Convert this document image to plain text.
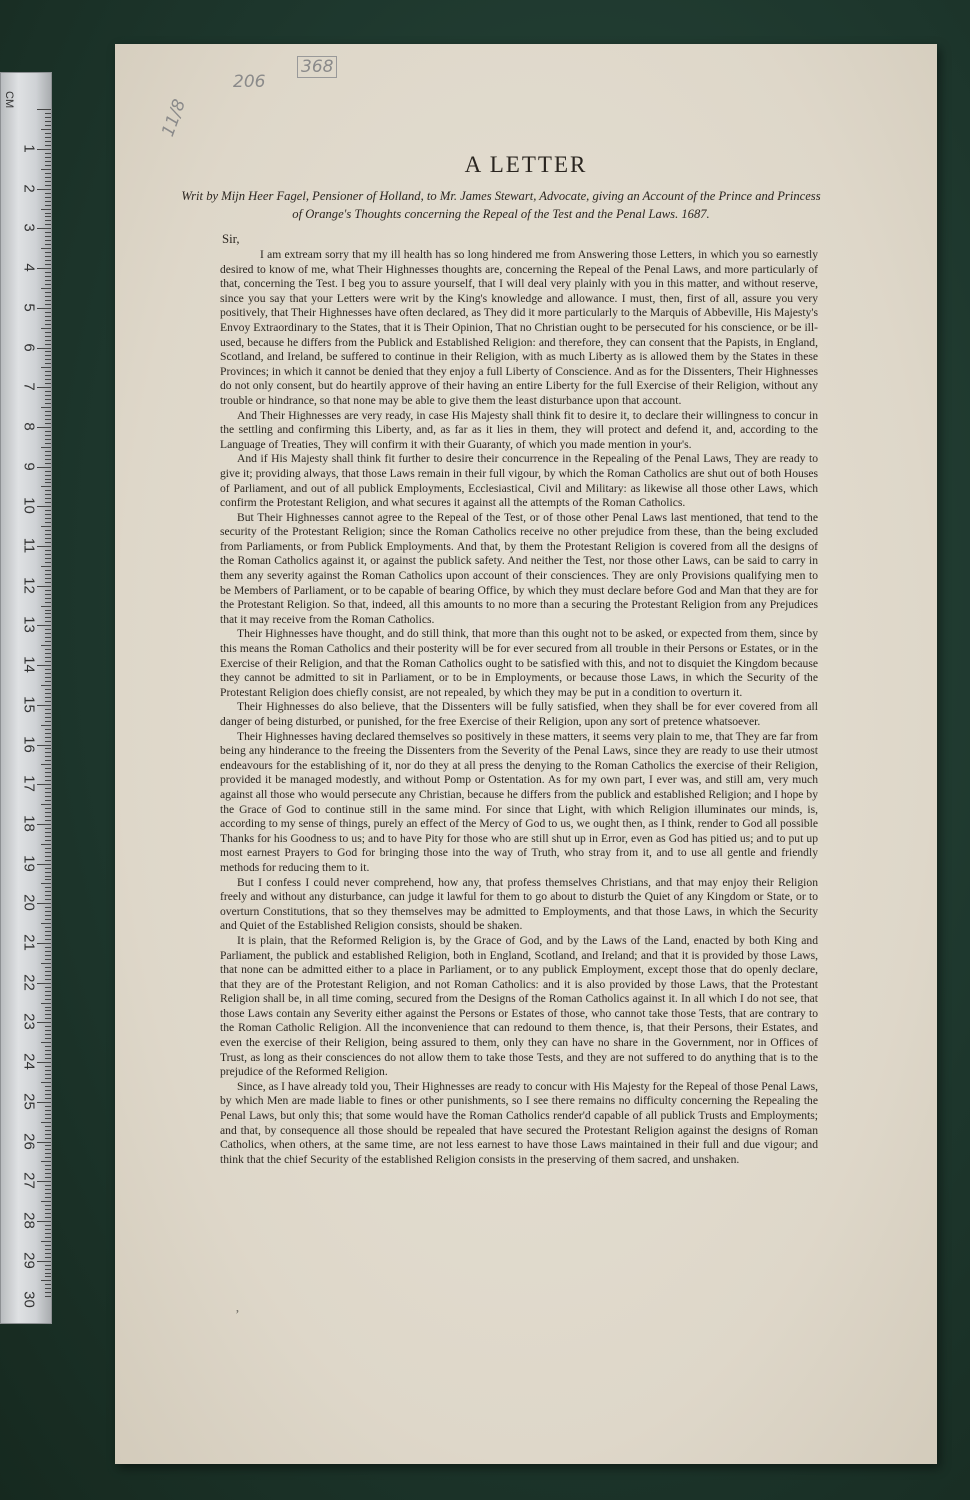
CM
1
2
3
4
5
6
7
8
9
10
11
12
13
14
15
16
17
18
19
20
21
22
23
24
25
26
27
28
29
30
206
368
11/8
A LETTER
Writ by Mijn Heer Fagel, Pensioner of Holland, to Mr. James Stewart, Advocate, giving an Account of the Prince and Princess of Orange's Thoughts concerning the Repeal of the Test and the Penal Laws. 1687.
Sir,

I am extream sorry that my ill health has so long hindered me from Answering those Letters, in which you so earnestly desired to know of me, what Their Highnesses thoughts are, concerning the Repeal of the Penal Laws, and more particularly of that, concerning the Test. I beg you to assure yourself, that I will deal very plainly with you in this matter, and without reserve, since you say that your Letters were writ by the King's knowledge and allowance. I must, then, first of all, assure you very positively, that Their Highnesses have often declared, as They did it more particularly to the Marquis of Abbeville, His Majesty's Envoy Extraordinary to the States, that it is Their Opinion, That no Christian ought to be persecuted for his conscience, or be ill-used, because he differs from the Publick and Established Religion: and therefore, they can consent that the Papists, in England, Scotland, and Ireland, be suffered to continue in their Religion, with as much Liberty as is allowed them by the States in these Provinces; in which it cannot be denied that they enjoy a full Liberty of Conscience. And as for the Dissenters, Their Highnesses do not only consent, but do heartily approve of their having an entire Liberty for the full Exercise of their Religion, without any trouble or hindrance, so that none may be able to give them the least disturbance upon that account.

And Their Highnesses are very ready, in case His Majesty shall think fit to desire it, to declare their willingness to concur in the settling and confirming this Liberty, and, as far as it lies in them, they will protect and defend it, and, according to the Language of Treaties, They will confirm it with their Guaranty, of which you made mention in your's.

And if His Majesty shall think fit further to desire their concurrence in the Repealing of the Penal Laws, They are ready to give it; providing always, that those Laws remain in their full vigour, by which the Roman Catholics are shut out of both Houses of Parliament, and out of all publick Employments, Ecclesiastical, Civil and Military: as likewise all those other Laws, which confirm the Protestant Religion, and what secures it against all the attempts of the Roman Catholics.

But Their Highnesses cannot agree to the Repeal of the Test, or of those other Penal Laws last mentioned, that tend to the security of the Protestant Religion; since the Roman Catholics receive no other prejudice from these, than the being excluded from Parliaments, or from Publick Employments. And that, by them the Protestant Religion is covered from all the designs of the Roman Catholics against it, or against the publick safety. And neither the Test, nor those other Laws, can be said to carry in them any severity against the Roman Catholics upon account of their consciences. They are only Provisions qualifying men to be Members of Parliament, or to be capable of bearing Office, by which they must declare before God and Man that they are for the Protestant Religion. So that, indeed, all this amounts to no more than a securing the Protestant Religion from any Prejudices that it may receive from the Roman Catholics.

Their Highnesses have thought, and do still think, that more than this ought not to be asked, or expected from them, since by this means the Roman Catholics and their posterity will be for ever secured from all trouble in their Persons or Estates, or in the Exercise of their Religion, and that the Roman Catholics ought to be satisfied with this, and not to disquiet the Kingdom because they cannot be admitted to sit in Parliament, or to be in Employments, or because those Laws, in which the Security of the Protestant Religion does chiefly consist, are not repealed, by which they may be put in a condition to overturn it.

Their Highnesses do also believe, that the Dissenters will be fully satisfied, when they shall be for ever covered from all danger of being disturbed, or punished, for the free Exercise of their Religion, upon any sort of pretence whatsoever.

Their Highnesses having declared themselves so positively in these matters, it seems very plain to me, that They are far from being any hinderance to the freeing the Dissenters from the Severity of the Penal Laws, since they are ready to use their utmost endeavours for the establishing of it, nor do they at all press the denying to the Roman Catholics the exercise of their Religion, provided it be managed modestly, and without Pomp or Ostentation. As for my own part, I ever was, and still am, very much against all those who would persecute any Christian, because he differs from the publick and established Religion; and I hope by the Grace of God to continue still in the same mind. For since that Light, with which Religion illuminates our minds, is, according to my sense of things, purely an effect of the Mercy of God to us, we ought then, as I think, render to God all possible Thanks for his Goodness to us; and to have Pity for those who are still shut up in Error, even as God has pitied us; and to put up most earnest Prayers to God for bringing those into the way of Truth, who stray from it, and to use all gentle and friendly methods for reducing them to it.

But I confess I could never comprehend, how any, that profess themselves Christians, and that may enjoy their Religion freely and without any disturbance, can judge it lawful for them to go about to disturb the Quiet of any Kingdom or State, or to overturn Constitutions, that so they themselves may be admitted to Employments, and that those Laws, in which the Security and Quiet of the Established Religion consists, should be shaken.

It is plain, that the Reformed Religion is, by the Grace of God, and by the Laws of the Land, enacted by both King and Parliament, the publick and established Religion, both in England, Scotland, and Ireland; and that it is provided by those Laws, that none can be admitted either to a place in Parliament, or to any publick Employment, except those that do openly declare, that they are of the Protestant Religion, and not Roman Catholics: and it is also provided by those Laws, that the Protestant Religion shall be, in all time coming, secured from the Designs of the Roman Catholics against it. In all which I do not see, that those Laws contain any Severity either against the Persons or Estates of those, who cannot take those Tests, that are contrary to the Roman Catholic Religion. All the inconvenience that can redound to them thence, is, that their Persons, their Estates, and even the exercise of their Religion, being assured to them, only they can have no share in the Government, nor in Offices of Trust, as long as their consciences do not allow them to take those Tests, and they are not suffered to do anything that is to the prejudice of the Reformed Religion.

Since, as I have already told you, Their Highnesses are ready to concur with His Majesty for the Repeal of those Penal Laws, by which Men are made liable to fines or other punishments, so I see there remains no difficulty concerning the Repealing the Penal Laws, but only this; that some would have the Roman Catholics render'd capable of all publick Trusts and Employments; and that, by consequence all those should be repealed that have secured the Protestant Religion against the designs of Roman Catholics, when others, at the same time, are not less earnest to have those Laws maintained in their full and due vigour; and think that the chief Security of the established Religion consists in the preserving of them sacred, and unshaken.

ʼ
